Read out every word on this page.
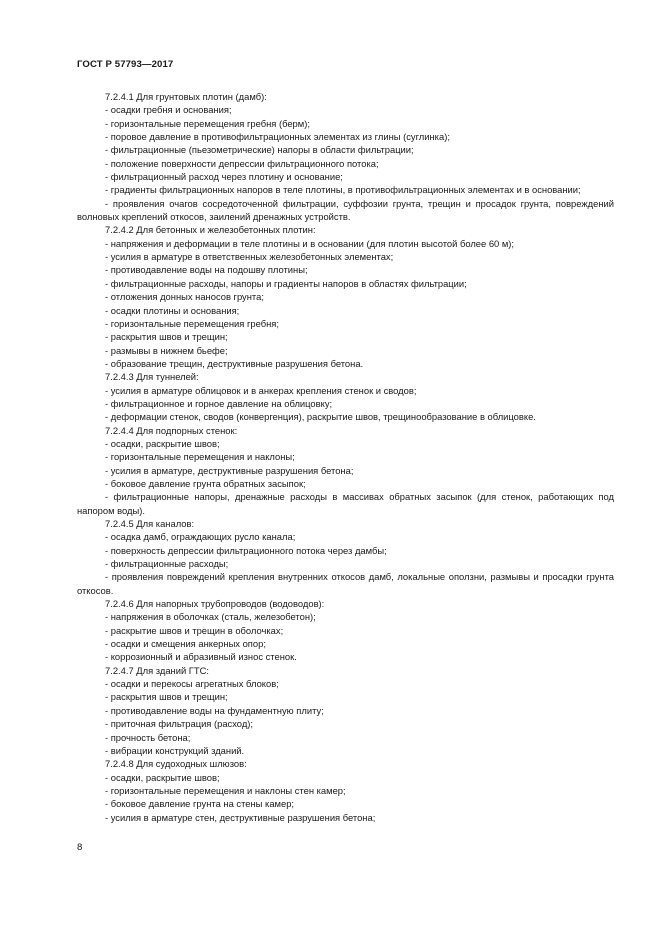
ГОСТ Р 57793—2017

7.2.4.1 Для грунтовых плотин (дамб):

- осадки гребня и основания;

- горизонтальные перемещения гребня (берм);

- поровое давление в противофильтрационных элементах из глины (суглинка);

- фильтрационные (пьезометрические) напоры в области фильтрации;

- положение поверхности депрессии фильтрационного потока;

- фильтрационный расход через плотину и основание;

- градиенты фильтрационных напоров в теле плотины, в противофильтрационных элементах и в основании;

- проявления очагов сосредоточенной фильтрации, суффозии грунта, трещин и просадок грунта, повреждений волновых креплений откосов, заилений дренажных устройств.

7.2.4.2 Для бетонных и железобетонных плотин:

- напряжения и деформации в теле плотины и в основании (для плотин высотой более 60 м);

- усилия в арматуре в ответственных железобетонных элементах;

- противодавление воды на подошву плотины;

- фильтрационные расходы, напоры и градиенты напоров в областях фильтрации;

- отложения донных наносов грунта;

- осадки плотины и основания;

- горизонтальные перемещения гребня;

- раскрытия швов и трещин;

- размывы в нижнем бьефе;

- образование трещин, деструктивные разрушения бетона.

7.2.4.3 Для туннелей:

- усилия в арматуре облицовок и в анкерах крепления стенок и сводов;

- фильтрационное и горное давление на облицовку;

- деформации стенок, сводов (конвергенция), раскрытие швов, трещинообразование в облицовке.

7.2.4.4 Для подпорных стенок:

- осадки, раскрытие швов;

- горизонтальные перемещения и наклоны;

- усилия в арматуре, деструктивные разрушения бетона;

- боковое давление грунта обратных засыпок;

- фильтрационные напоры, дренажные расходы в массивах обратных засыпок (для стенок, работающих под напором воды).

7.2.4.5 Для каналов:

- осадка дамб, ограждающих русло канала;

- поверхность депрессии фильтрационного потока через дамбы;

- фильтрационные расходы;

- проявления повреждений крепления внутренних откосов дамб, локальные оползни, размывы и просадки грунта откосов.

7.2.4.6 Для напорных трубопроводов (водоводов):

- напряжения в оболочках (сталь, железобетон);

- раскрытие швов и трещин в оболочках;

- осадки и смещения анкерных опор;

- коррозионный и абразивный износ стенок.

7.2.4.7 Для зданий ГТС:

- осадки и перекосы агрегатных блоков;

- раскрытия швов и трещин;

- противодавление воды на фундаментную плиту;

- приточная фильтрация (расход);

- прочность бетона;

- вибрации конструкций зданий.

7.2.4.8 Для судоходных шлюзов:

- осадки, раскрытие швов;

- горизонтальные перемещения и наклоны стен камер;

- боковое давление грунта на стены камер;

- усилия в арматуре стен, деструктивные разрушения бетона;

8
